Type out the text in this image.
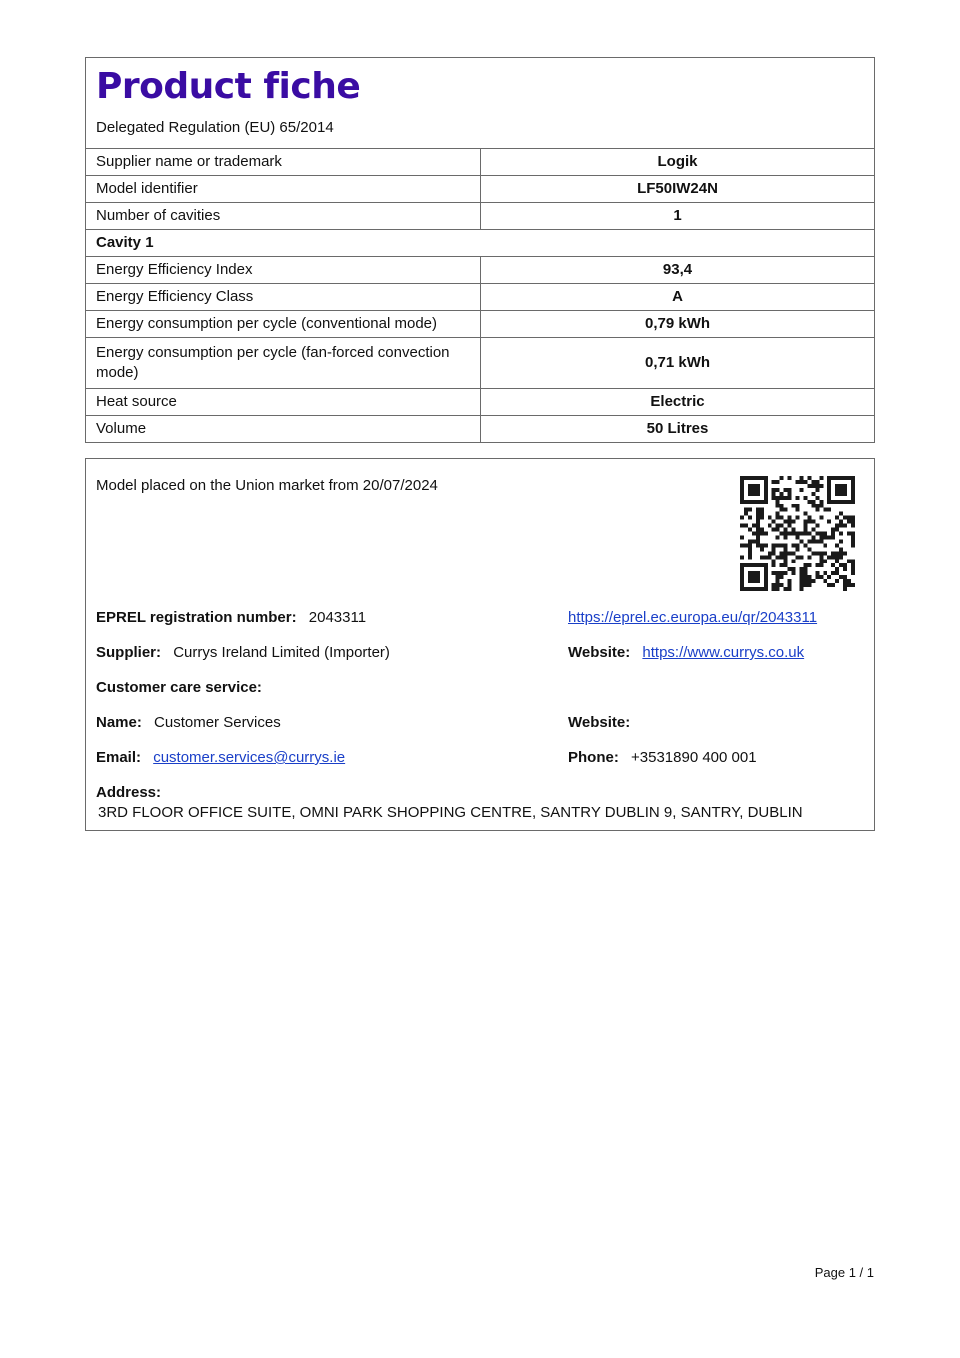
Product fiche
Delegated Regulation (EU) 65/2014
Supplier name or trademark	Logik
Model identifier	LF50IW24N
Number of cavities	1
Cavity 1	
Energy Efficiency Index	93,4
Energy Efficiency Class	A
Energy consumption per cycle (conventional mode)	0,79 kWh
Energy consumption per cycle (fan-forced convection mode)	0,71 kWh
Heat source	Electric
Volume	50 Litres
Model placed on the Union market from 20/07/2024
EPREL registration number: 2043311	https://eprel.ec.europa.eu/qr/2043311
Supplier: Currys Ireland Limited (Importer)	Website: https://www.currys.co.uk
Customer care service:
Name: Customer Services	Website:
Email: customer.services@currys.ie	Phone: +3531890 400 001
Address:
3RD FLOOR OFFICE SUITE, OMNI PARK SHOPPING CENTRE, SANTRY DUBLIN 9, SANTRY, DUBLIN
Page 1 / 1
